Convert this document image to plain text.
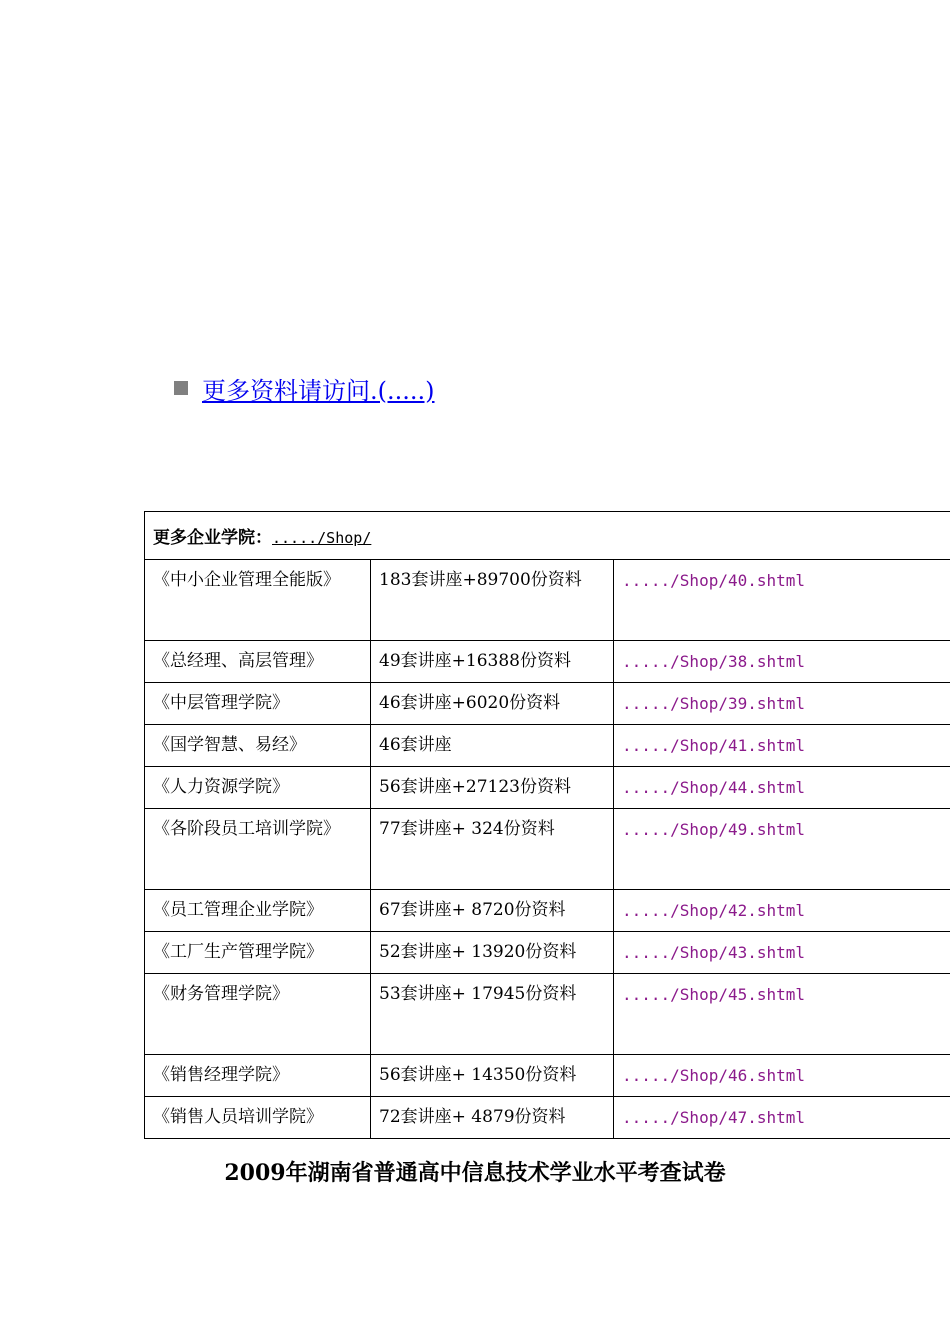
更多资料请访问.(.....)
更多企业学院：...../Shop/		
《中小企业管理全能版》	183套讲座+89700份资料	...../Shop/40.shtml
《总经理、高层管理》	49套讲座+16388份资料	...../Shop/38.shtml
《中层管理学院》	46套讲座+6020份资料	...../Shop/39.shtml
《国学智慧、易经》	46套讲座	...../Shop/41.shtml
《人力资源学院》	56套讲座+27123份资料	...../Shop/44.shtml
《各阶段员工培训学院》	77套讲座+ 324份资料	...../Shop/49.shtml
《员工管理企业学院》	67套讲座+ 8720份资料	...../Shop/42.shtml
《工厂生产管理学院》	52套讲座+ 13920份资料	...../Shop/43.shtml
《财务管理学院》	53套讲座+ 17945份资料	...../Shop/45.shtml
《销售经理学院》	56套讲座+ 14350份资料	...../Shop/46.shtml
《销售人员培训学院》	72套讲座+ 4879份资料	...../Shop/47.shtml
2009年湖南省普通高中信息技术学业水平考查试卷
